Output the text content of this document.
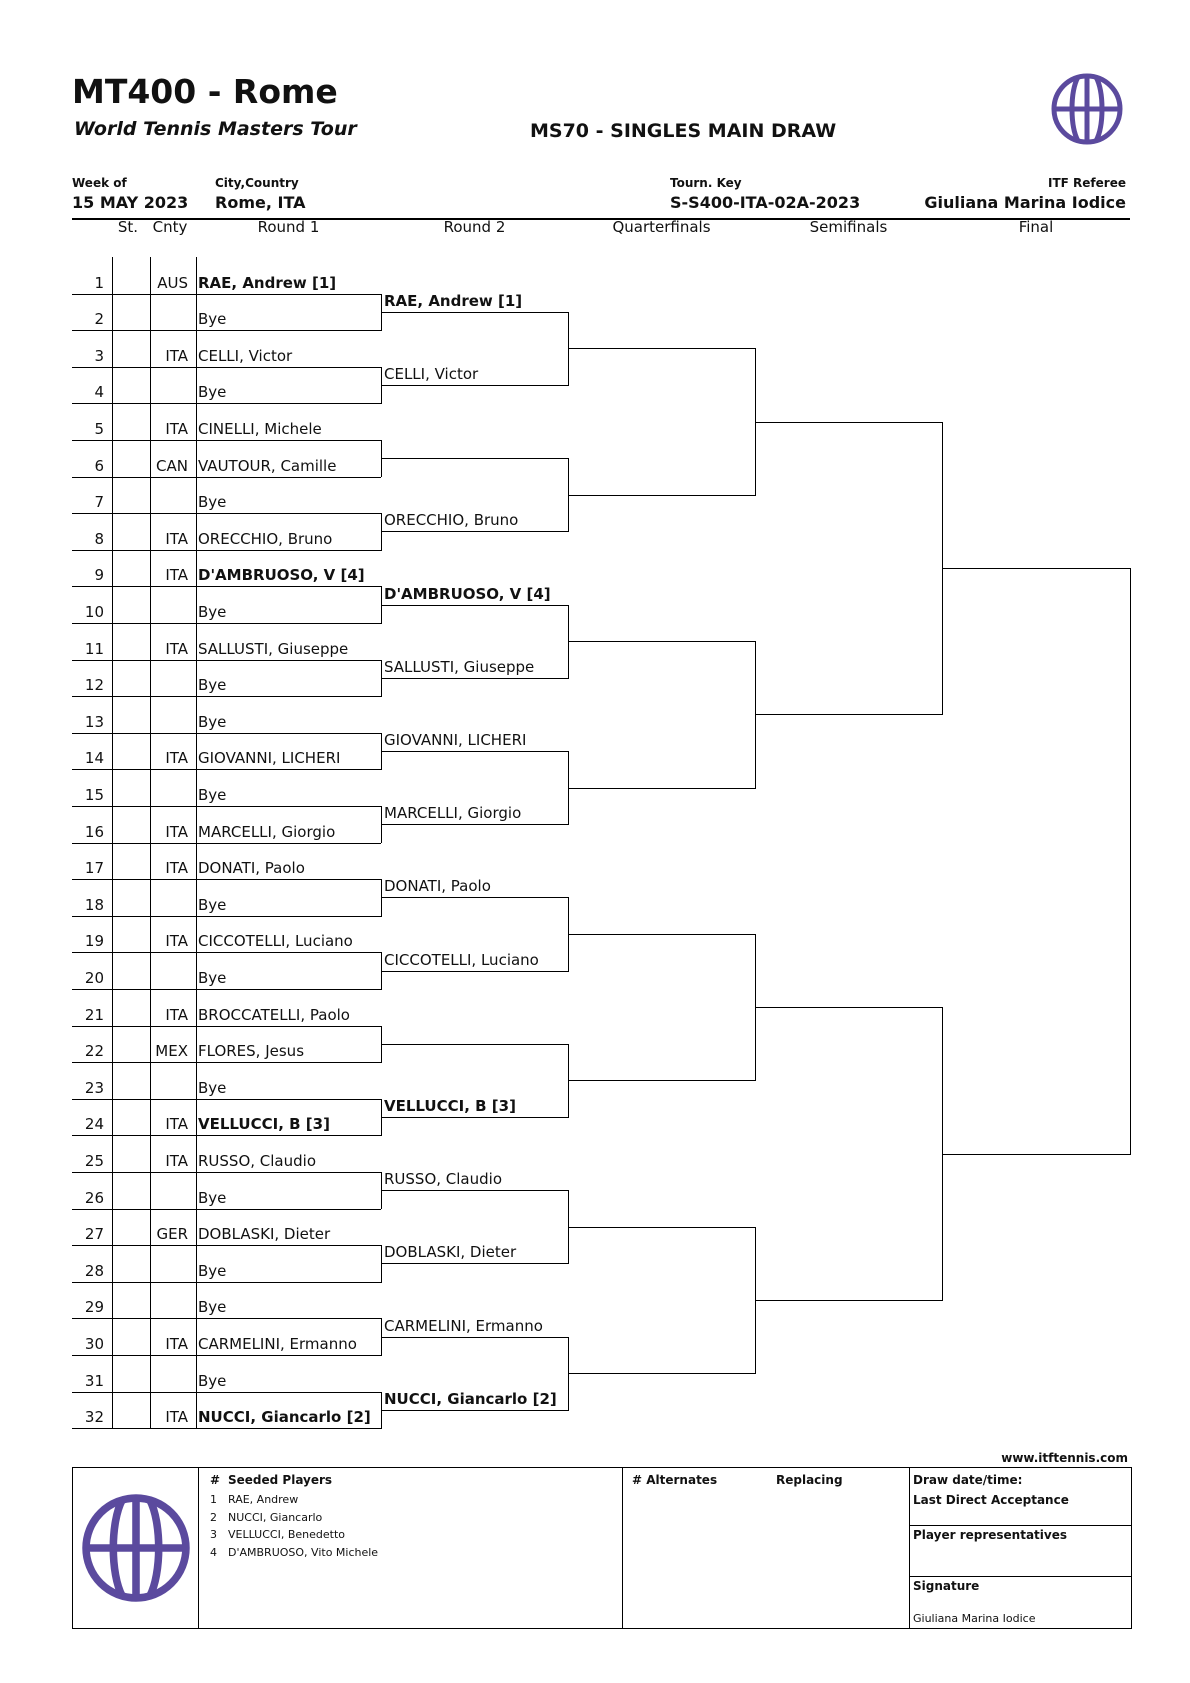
MT400 - Rome
World Tennis Masters Tour	MS70 - SINGLES MAIN DRAW
Week of
15 MAY 2023
City,Country
Rome, ITA
Tourn. Key
S-S400-ITA-02A-2023
ITF Referee
Giuliana Marina Iodice
St. Cnty	Round 1	Round 2	Quarterfinals	Semifinals	Final
1	AUS RAE, Andrew [1]
2	Bye
3	ITA CELLI, Victor
4	Bye
5	ITA CINELLI, Michele
6	CAN VAUTOUR, Camille
7	Bye
8	ITA ORECCHIO, Bruno
9	ITA D'AMBRUOSO, V [4]
10	Bye
11	ITA SALLUSTI, Giuseppe
12	Bye
13	Bye
14	ITA GIOVANNI, LICHERI
15	Bye
16	ITA MARCELLI, Giorgio
17	ITA DONATI, Paolo
18	Bye
19	ITA CICCOTELLI, Luciano
20	Bye
21	ITA BROCCATELLI, Paolo
22	MEX FLORES, Jesus
23	Bye
24	ITA VELLUCCI, B [3]
25	ITA RUSSO, Claudio
26	Bye
27	GER DOBLASKI, Dieter
28	Bye
29	Bye
30	ITA CARMELINI, Ermanno
31	Bye
32	ITA NUCCI, Giancarlo [2]
RAE, Andrew [1]
CELLI, Victor
ORECCHIO, Bruno
D'AMBRUOSO, V [4]
SALLUSTI, Giuseppe
GIOVANNI, LICHERI
MARCELLI, Giorgio
DONATI, Paolo
CICCOTELLI, Luciano
VELLUCCI, B [3]
RUSSO, Claudio
DOBLASKI, Dieter
CARMELINI, Ermanno
NUCCI, Giancarlo [2]
www.itftennis.com
# Seeded Players
1 RAE, Andrew
2 NUCCI, Giancarlo
3 VELLUCCI, Benedetto
4 D'AMBRUOSO, Vito Michele
# Alternates	Replacing	Draw date/time:
Last Direct Acceptance
Player representatives
Signature
Giuliana Marina Iodice
